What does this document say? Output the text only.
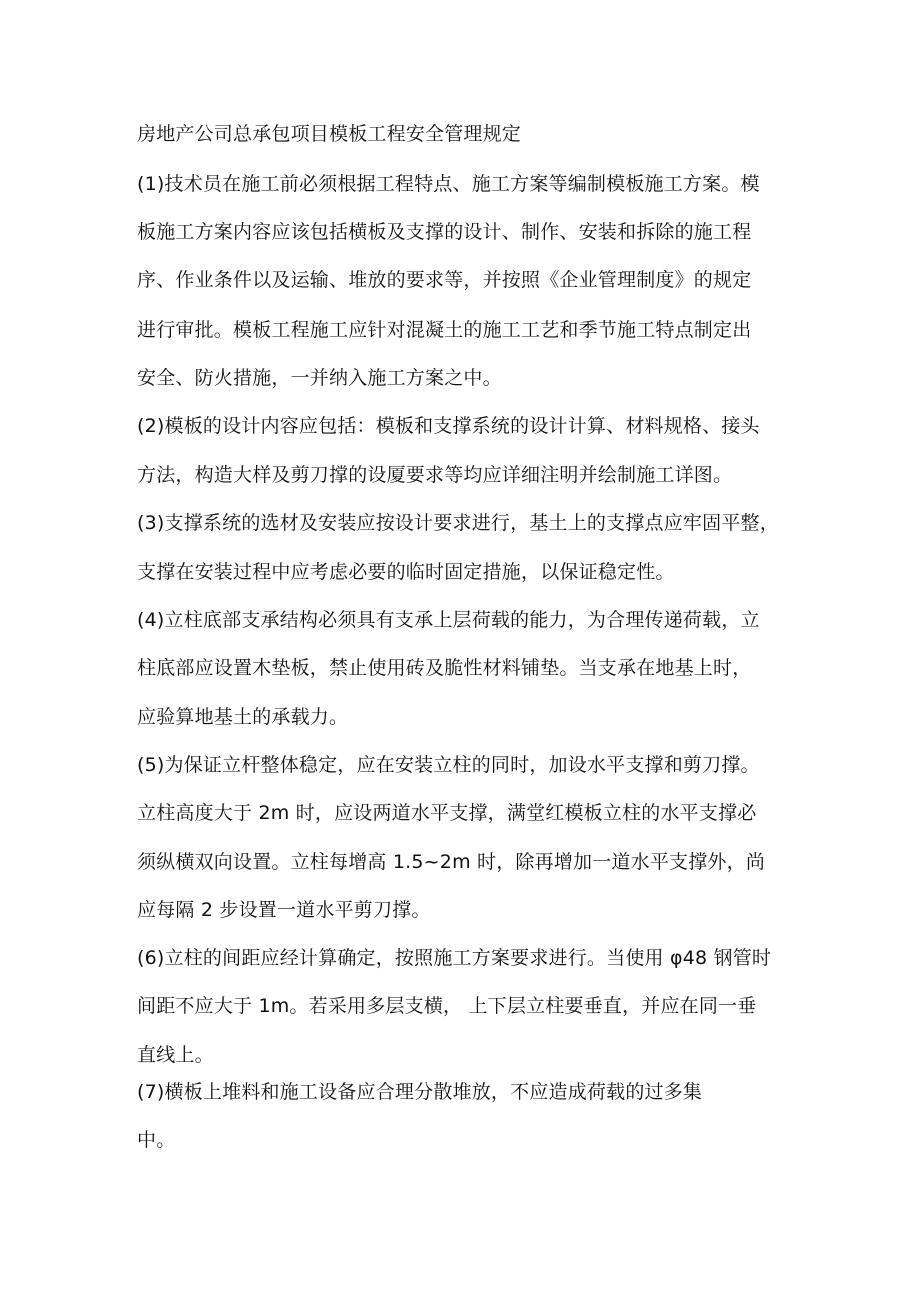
房地产公司总承包项目模板工程安全管理规定

(1)技术员在施工前必须根据工程特点、施工方案等编制模板施工方案。模

板施工方案内容应该包括横板及支撑的设计、制作、安装和拆除的施工程

序、作业条件以及运输、堆放的要求等，并按照《企业管理制度》的规定

进行审批。模板工程施工应针对混凝土的施工工艺和季节施工特点制定出

安全、防火措施，一并纳入施工方案之中。

(2)模板的设计内容应包括：模板和支撑系统的设计计算、材料规格、接头

方法，构造大样及剪刀撑的设厦要求等均应详细注明并绘制施工详图。

(3)支撑系统的选材及安装应按设计要求进行，基土上的支撑点应牢固平整，

支撑在安装过程中应考虑必要的临时固定措施，以保证稳定性。

(4)立柱底部支承结构必须具有支承上层荷载的能力，为合理传递荷载，立

柱底部应设置木垫板，禁止使用砖及脆性材料铺垫。当支承在地基上时，

应验算地基土的承载力。

(5)为保证立杆整体稳定，应在安装立柱的同时，加设水平支撑和剪刀撑。

立柱高度大于 2m 时，应设两道水平支撑，满堂红模板立柱的水平支撑必

须纵横双向设置。立柱每增高 1.5~2m 时，除再增加一道水平支撑外，尚

应每隔 2 步设置一道水平剪刀撑。

(6)立柱的间距应经计算确定，按照施工方案要求进行。当使用 φ48 钢管时

间距不应大于 1m。若采用多层支横， 上下层立柱要垂直，并应在同一垂

直线上。

(7)横板上堆料和施工设备应合理分散堆放，不应造成荷载的过多集

中。
